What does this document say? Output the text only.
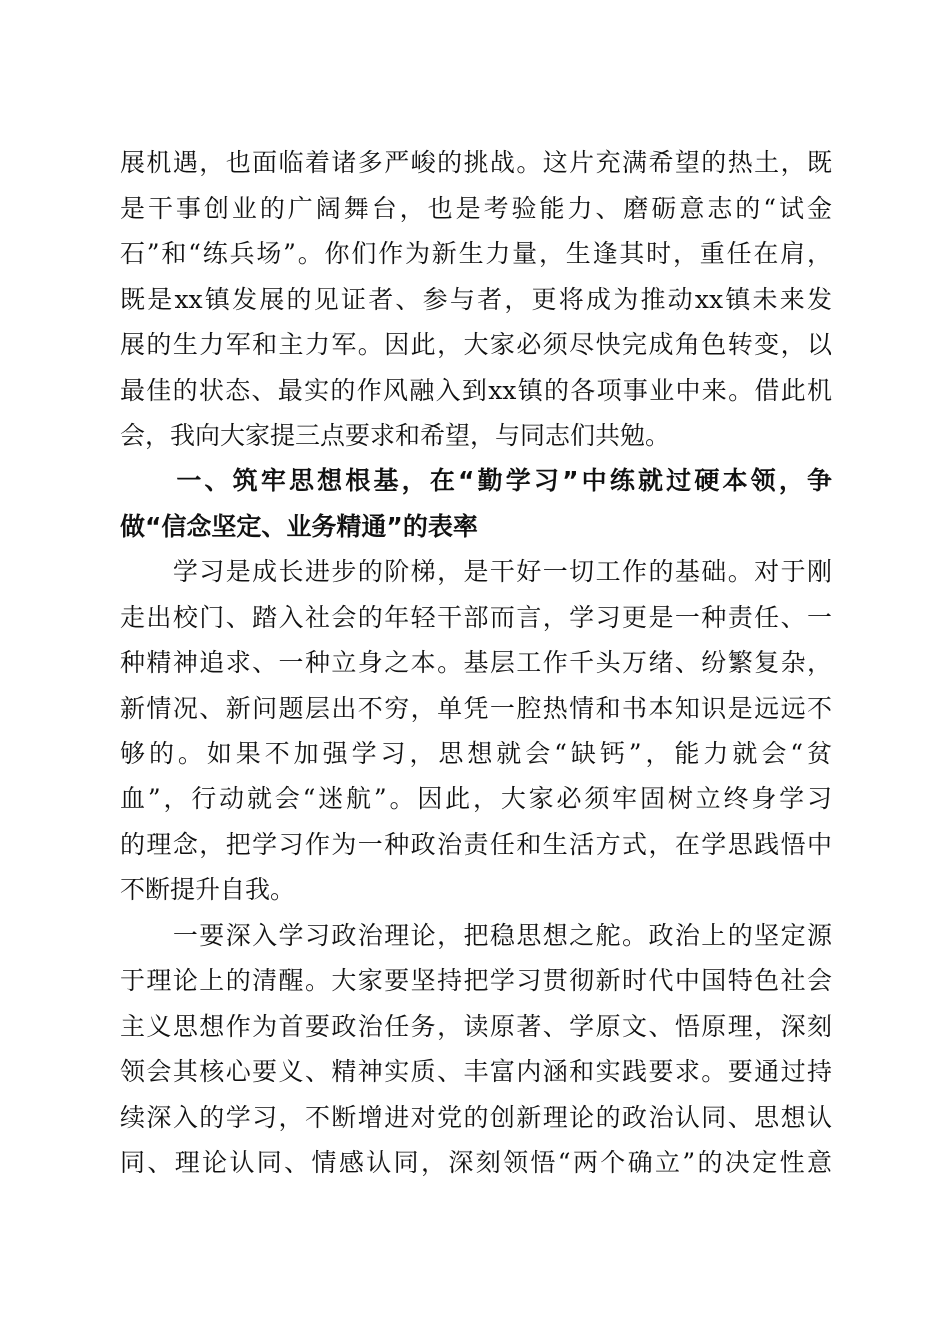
展机遇，也面临着诸多严峻的挑战。这片充满希望的热土，既
是干事创业的广阔舞台，也是考验能力、磨砺意志的“试金
石”和“练兵场”。你们作为新生力量，生逢其时，重任在肩，
既是xx镇发展的见证者、参与者，更将成为推动xx镇未来发
展的生力军和主力军。因此，大家必须尽快完成角色转变，以
最佳的状态、最实的作风融入到xx镇的各项事业中来。借此机
会，我向大家提三点要求和希望，与同志们共勉。
　　一、筑牢思想根基，在“勤学习”中练就过硬本领，争
做“信念坚定、业务精通”的表率
　　学习是成长进步的阶梯，是干好一切工作的基础。对于刚
走出校门、踏入社会的年轻干部而言，学习更是一种责任、一
种精神追求、一种立身之本。基层工作千头万绪、纷繁复杂，
新情况、新问题层出不穷，单凭一腔热情和书本知识是远远不
够的。如果不加强学习，思想就会“缺钙”，能力就会“贫
血”，行动就会“迷航”。因此，大家必须牢固树立终身学习
的理念，把学习作为一种政治责任和生活方式，在学思践悟中
不断提升自我。
　　一要深入学习政治理论，把稳思想之舵。政治上的坚定源
于理论上的清醒。大家要坚持把学习贯彻新时代中国特色社会
主义思想作为首要政治任务，读原著、学原文、悟原理，深刻
领会其核心要义、精神实质、丰富内涵和实践要求。要通过持
续深入的学习，不断增进对党的创新理论的政治认同、思想认
同、理论认同、情感认同，深刻领悟“两个确立”的决定性意
